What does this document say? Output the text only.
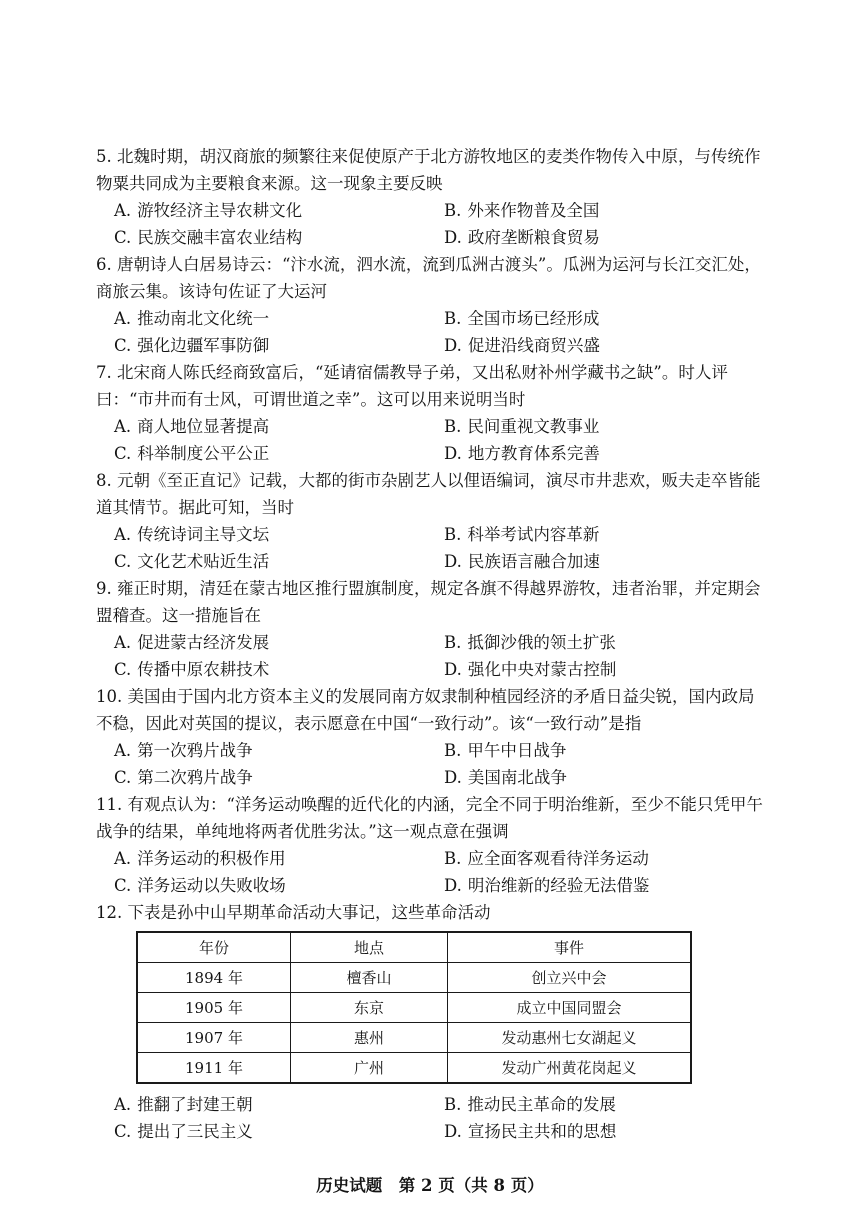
5. 北魏时期，胡汉商旅的频繁往来促使原产于北方游牧地区的麦类作物传入中原，与传统作物粟共同成为主要粮食来源。这一现象主要反映
A. 游牧经济主导农耕文化	B. 外来作物普及全国
C. 民族交融丰富农业结构	D. 政府垄断粮食贸易
6. 唐朝诗人白居易诗云：“汴水流，泗水流，流到瓜洲古渡头”。瓜洲为运河与长江交汇处，商旅云集。该诗句佐证了大运河
A. 推动南北文化统一	B. 全国市场已经形成
C. 强化边疆军事防御	D. 促进沿线商贸兴盛
7. 北宋商人陈氏经商致富后，“延请宿儒教导子弟，又出私财补州学藏书之缺”。时人评曰：“市井而有士风，可谓世道之幸”。这可以用来说明当时
A. 商人地位显著提高	B. 民间重视文教事业
C. 科举制度公平公正	D. 地方教育体系完善
8. 元朝《至正直记》记载，大都的街市杂剧艺人以俚语编词，演尽市井悲欢，贩夫走卒皆能道其情节。据此可知，当时
A. 传统诗词主导文坛	B. 科举考试内容革新
C. 文化艺术贴近生活	D. 民族语言融合加速
9. 雍正时期，清廷在蒙古地区推行盟旗制度，规定各旗不得越界游牧，违者治罪，并定期会盟稽查。这一措施旨在
A. 促进蒙古经济发展	B. 抵御沙俄的领土扩张
C. 传播中原农耕技术	D. 强化中央对蒙古控制
10. 美国由于国内北方资本主义的发展同南方奴隶制种植园经济的矛盾日益尖锐，国内政局不稳，因此对英国的提议，表示愿意在中国“一致行动”。该“一致行动”是指
A. 第一次鸦片战争	B. 甲午中日战争
C. 第二次鸦片战争	D. 美国南北战争
11. 有观点认为：“洋务运动唤醒的近代化的内涵，完全不同于明治维新，至少不能只凭甲午战争的结果，单纯地将两者优胜劣汰。”这一观点意在强调
A. 洋务运动的积极作用	B. 应全面客观看待洋务运动
C. 洋务运动以失败收场	D. 明治维新的经验无法借鉴
12. 下表是孙中山早期革命活动大事记，这些革命活动
年份	地点	事件
1894 年	檀香山	创立兴中会
1905 年	东京	成立中国同盟会
1907 年	惠州	发动惠州七女湖起义
1911 年	广州	发动广州黄花岗起义
A. 推翻了封建王朝	B. 推动民主革命的发展
C. 提出了三民主义	D. 宣扬民主共和的思想
历史试题　第 2 页（共 8 页）
